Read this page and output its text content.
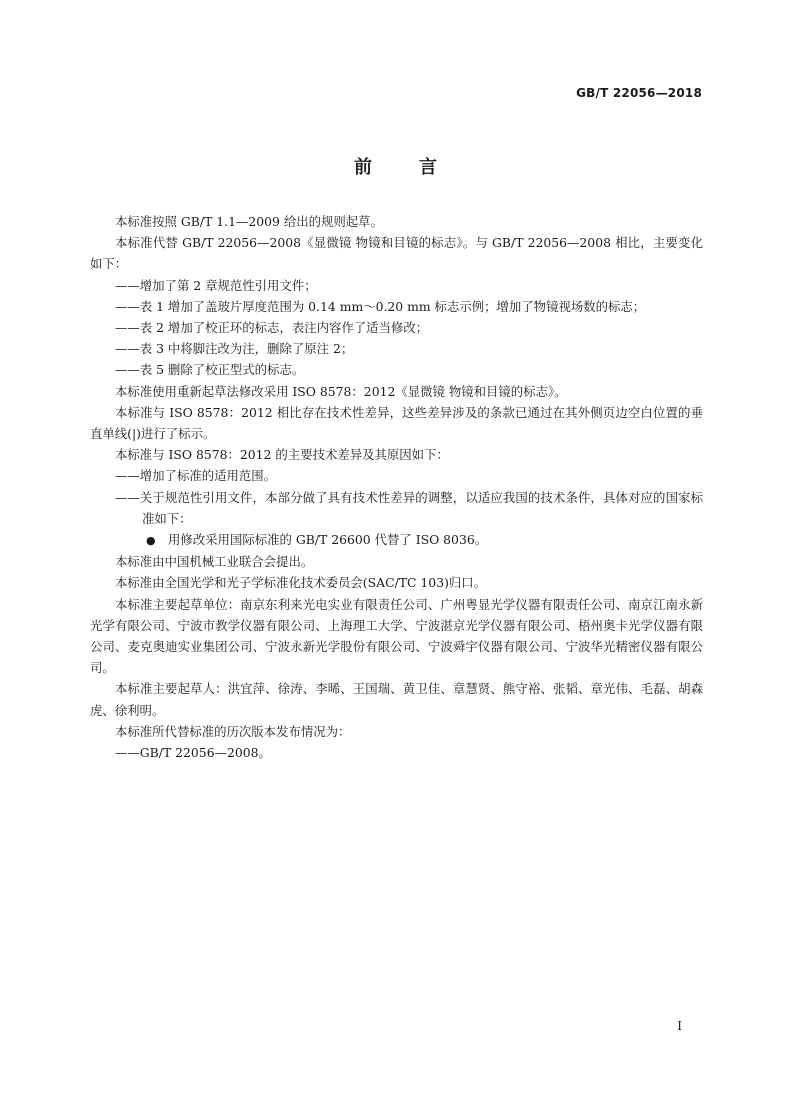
GB/T 22056—2018
前	言

本标准按照 GB/T 1.1—2009 给出的规则起草。

本标准代替 GB/T 22056—2008《显微镜 物镜和目镜的标志》。与 GB/T 22056—2008 相比，主要变化如下：

——增加了第 2 章规范性引用文件；

——表 1 增加了盖玻片厚度范围为 0.14 mm～0.20 mm 标志示例；增加了物镜视场数的标志；

——表 2 增加了校正环的标志，表注内容作了适当修改；

——表 3 中将脚注改为注，删除了原注 2；

——表 5 删除了校正型式的标志。

本标准使用重新起草法修改采用 ISO 8578：2012《显微镜 物镜和目镜的标志》。

本标准与 ISO 8578：2012 相比存在技术性差异，这些差异涉及的条款已通过在其外侧页边空白位置的垂直单线(|)进行了标示。

本标准与 ISO 8578：2012 的主要技术差异及其原因如下：

——增加了标准的适用范围。

——关于规范性引用文件，本部分做了具有技术性差异的调整，以适应我国的技术条件，具体对应的国家标准如下：

● 用修改采用国际标准的 GB/T 26600 代替了 ISO 8036。

本标准由中国机械工业联合会提出。

本标准由全国光学和光子学标准化技术委员会(SAC/TC 103)归口。

本标准主要起草单位：南京东利来光电实业有限责任公司、广州粤显光学仪器有限责任公司、南京江南永新光学有限公司、宁波市教学仪器有限公司、上海理工大学、宁波湛京光学仪器有限公司、梧州奥卡光学仪器有限公司、麦克奥迪实业集团公司、宁波永新光学股份有限公司、宁波舜宇仪器有限公司、宁波华光精密仪器有限公司。

本标准主要起草人：洪宜萍、徐涛、李晞、王国瑞、黄卫佳、章慧贤、熊守裕、张韬、章光伟、毛磊、胡森虎、徐利明。

本标准所代替标准的历次版本发布情况为：

——GB/T 22056—2008。

I
